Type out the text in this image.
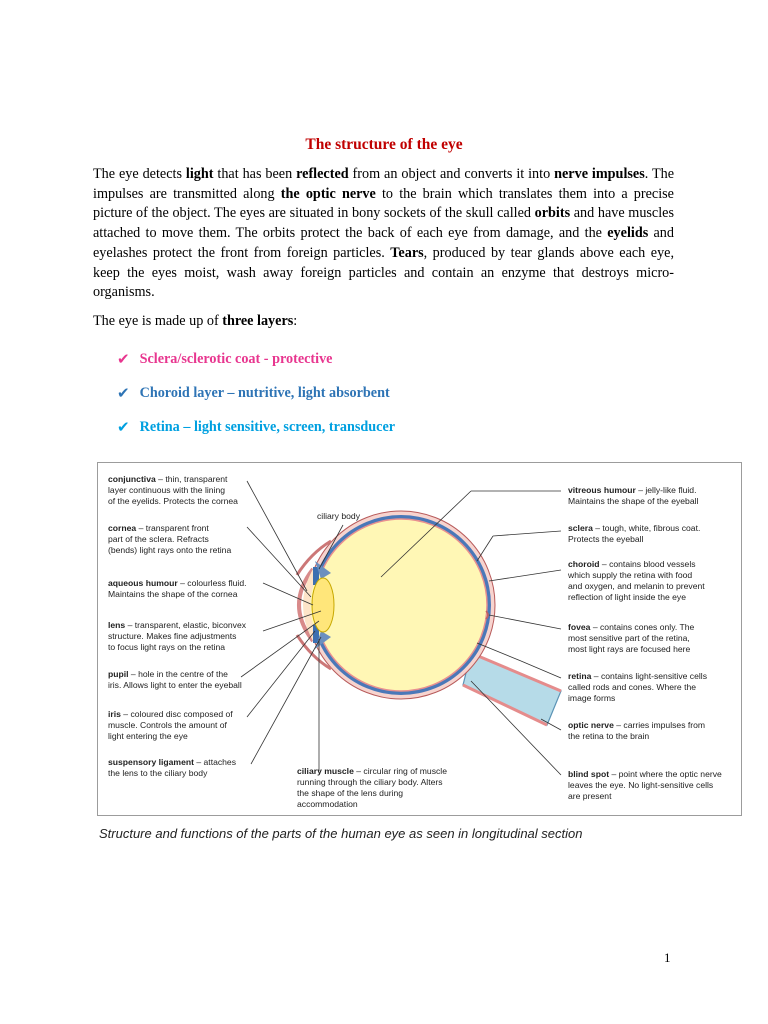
The structure of the eye

The eye detects light that has been reflected from an object and converts it into nerve impulses. The impulses are transmitted along the optic nerve to the brain which translates them into a precise picture of the object. The eyes are situated in bony sockets of the skull called orbits and have muscles attached to move them. The orbits protect the back of each eye from damage, and the eyelids and eyelashes protect the front from foreign particles. Tears, produced by tear glands above each eye, keep the eyes moist, wash away foreign particles and contain an enzyme that destroys micro-organisms.

The eye is made up of three layers:

✔ Sclera/sclerotic coat - protective
✔ Choroid layer – nutritive, light absorbent
✔ Retina – light sensitive, screen, transducer
conjunctiva – thin, transparent layer continuous with the lining of the eyelids. Protects the cornea
cornea – transparent front part of the sclera. Refracts (bends) light rays onto the retina
aqueous humour – colourless fluid. Maintains the shape of the cornea
lens – transparent, elastic, biconvex structure. Makes fine adjustments to focus light rays on the retina
pupil – hole in the centre of the iris. Allows light to enter the eyeball
iris – coloured disc composed of muscle. Controls the amount of light entering the eye
suspensory ligament – attaches the lens to the ciliary body
ciliary body
ciliary muscle – circular ring of muscle running through the ciliary body. Alters the shape of the lens during accommodation
vitreous humour – jelly-like fluid. Maintains the shape of the eyeball
sclera – tough, white, fibrous coat. Protects the eyeball
choroid – contains blood vessels which supply the retina with food and oxygen, and melanin to prevent reflection of light inside the eye
fovea – contains cones only. The most sensitive part of the retina, most light rays are focused here
retina – contains light-sensitive cells called rods and cones. Where the image forms
optic nerve – carries impulses from the retina to the brain
blind spot – point where the optic nerve leaves the eye. No light-sensitive cells are present
Structure and functions of the parts of the human eye as seen in longitudinal section
1
